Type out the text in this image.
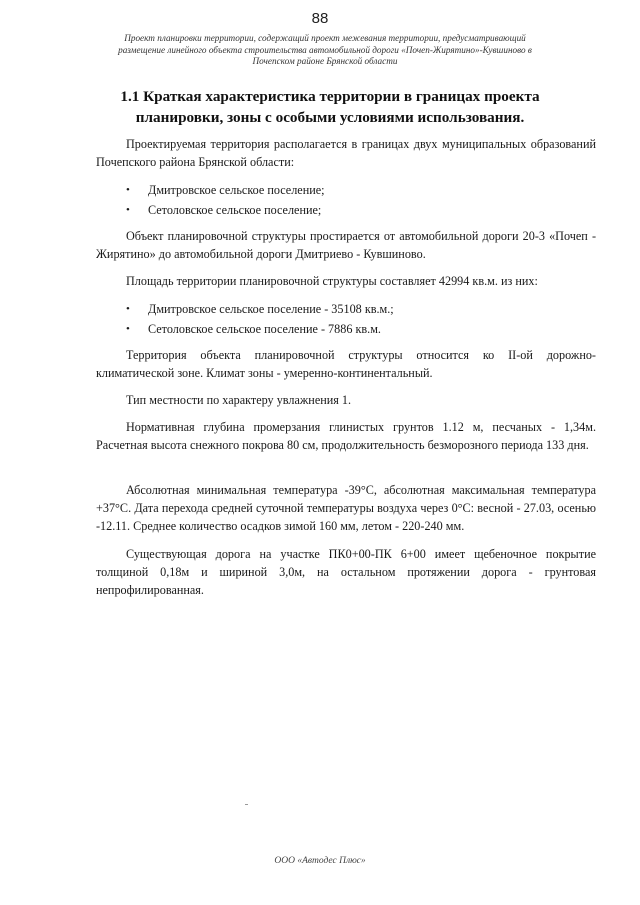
88
Проект планировки территории, содержащий проект межевания территории, предусматривающий
размещение линейного объекта строительства автомобильной дороги «Почеп-Жирятино»-Кувшиново в
Почепском районе Брянской области
1.1 Краткая характеристика территории в границах проекта
планировки, зоны с особыми условиями использования.

Проектируемая территория располагается в границах двух муниципальных образований Почепского района Брянской области:

• Дмитровское сельское поселение;
• Сетоловское сельское поселение;

Объект планировочной структуры простирается от автомобильной дороги 20-3 «Почеп - Жирятино» до автомобильной дороги Дмитриево - Кувшиново.

Площадь территории планировочной структуры составляет 42994 кв.м. из них:

• Дмитровское сельское поселение - 35108 кв.м.;
• Сетоловское сельское поселение - 7886 кв.м.

Территория объекта планировочной структуры относится ко II-ой дорожно-климатической зоне. Климат зоны - умеренно-континентальный.

Тип местности по характеру увлажнения 1.

Нормативная глубина промерзания глинистых грунтов 1.12 м, песчаных - 1,34м. Расчетная высота снежного покрова 80 см, продолжительность безморозного периода 133 дня.

Абсолютная минимальная температура -39°С, абсолютная максимальная температура +37°С. Дата перехода средней суточной температуры воздуха через 0°С: весной - 27.03, осенью -12.11. Среднее количество осадков зимой 160 мм, летом - 220-240 мм.

Существующая дорога на участке ПК0+00-ПК 6+00 имеет щебеночное покрытие толщиной 0,18м и шириной 3,0м, на остальном протяжении дорога - грунтовая непрофилированная.

ООО «Автодес Плюс»
